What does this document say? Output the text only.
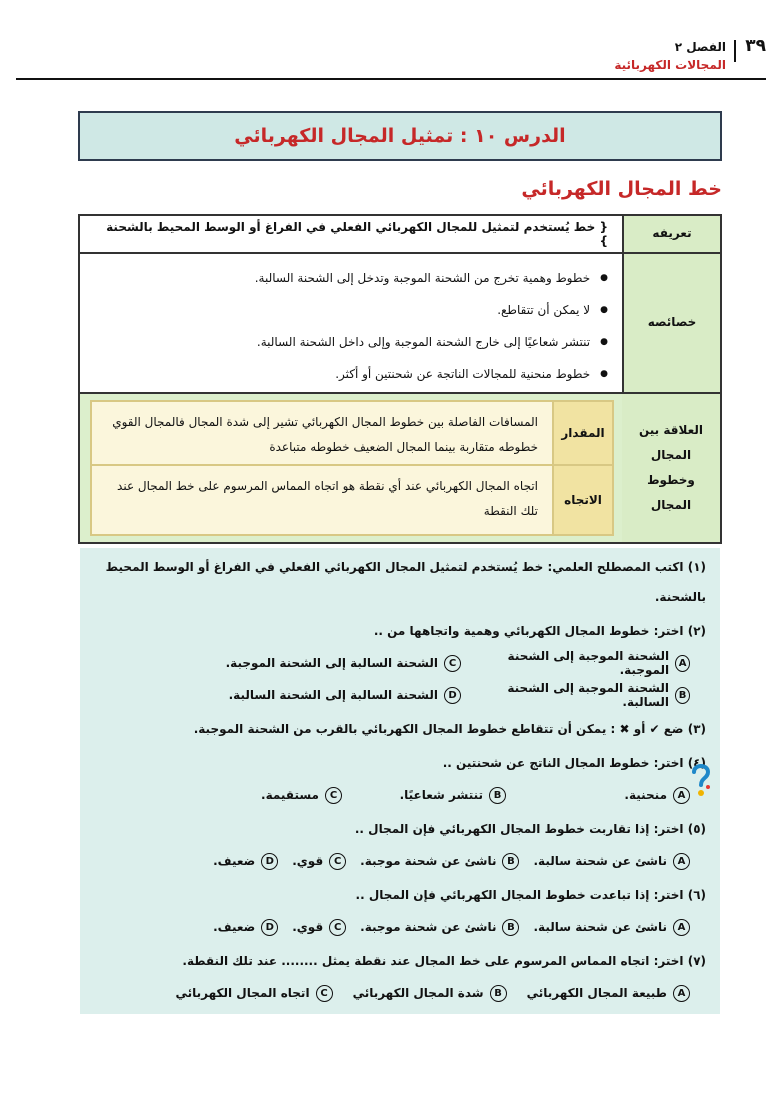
٣٩
الفصل ٢
المجالات الكهربائية
الدرس ١٠ : تمثيل المجال الكهربائي
خط المجال الكهربائي
تعريفه
{ خط يُستخدم لتمثيل للمجال الكهربائي الفعلي في الفراغ أو الوسط المحيط بالشحنة }
خصائصه
● خطوط وهمية تخرج من الشحنة الموجبة وتدخل إلى الشحنة السالبة.
● لا يمكن أن تتقاطع.
● تنتشر شعاعيًا إلى خارج الشحنة الموجبة وإلى داخل الشحنة السالبة.
● خطوط منحنية للمجالات الناتجة عن شحنتين أو أكثر.
العلاقة بين المجال وخطوط المجال
المقدار
المسافات الفاصلة بين خطوط المجال الكهربائي تشير إلى شدة المجال فالمجال القوي خطوطه متقاربة بينما المجال الضعيف خطوطه متباعدة
الاتجاه
اتجاه المجال الكهربائي عند أي نقطة هو اتجاه المماس المرسوم على خط المجال عند تلك النقطة
(١) اكتب المصطلح العلمي: خط يُستخدم لتمثيل المجال الكهربائي الفعلي في الفراغ أو الوسط المحيط بالشحنة.
(٢) اختر: خطوط المجال الكهربائي وهمية واتجاهها من ..
A
الشحنة الموجبة إلى الشحنة الموجبة.
C
الشحنة السالبة إلى الشحنة الموجبة.
B
الشحنة الموجبة إلى الشحنة السالبة.
D
الشحنة السالبة إلى الشحنة السالبة.
(٣) ضع ✔ أو ✖ : يمكن أن تتقاطع خطوط المجال الكهربائي بالقرب من الشحنة الموجبة.
(٤) اختر: خطوط المجال الناتج عن شحنتين ..
A
منحنية.
B
تنتشر شعاعيًا.
C
مستقيمة.
(٥) اختر: إذا تقاربت خطوط المجال الكهربائي فإن المجال ..
A
ناشئ عن شحنة سالبة.
B
ناشئ عن شحنة موجبة.
C
قوي.
D
ضعيف.
(٦) اختر: إذا تباعدت خطوط المجال الكهربائي فإن المجال ..
A
ناشئ عن شحنة سالبة.
B
ناشئ عن شحنة موجبة.
C
قوي.
D
ضعيف.
(٧) اختر: اتجاه المماس المرسوم على خط المجال عند نقطة يمثل ........ عند تلك النقطة.
A
طبيعة المجال الكهربائي
B
شدة المجال الكهربائي
C
اتجاه المجال الكهربائي
